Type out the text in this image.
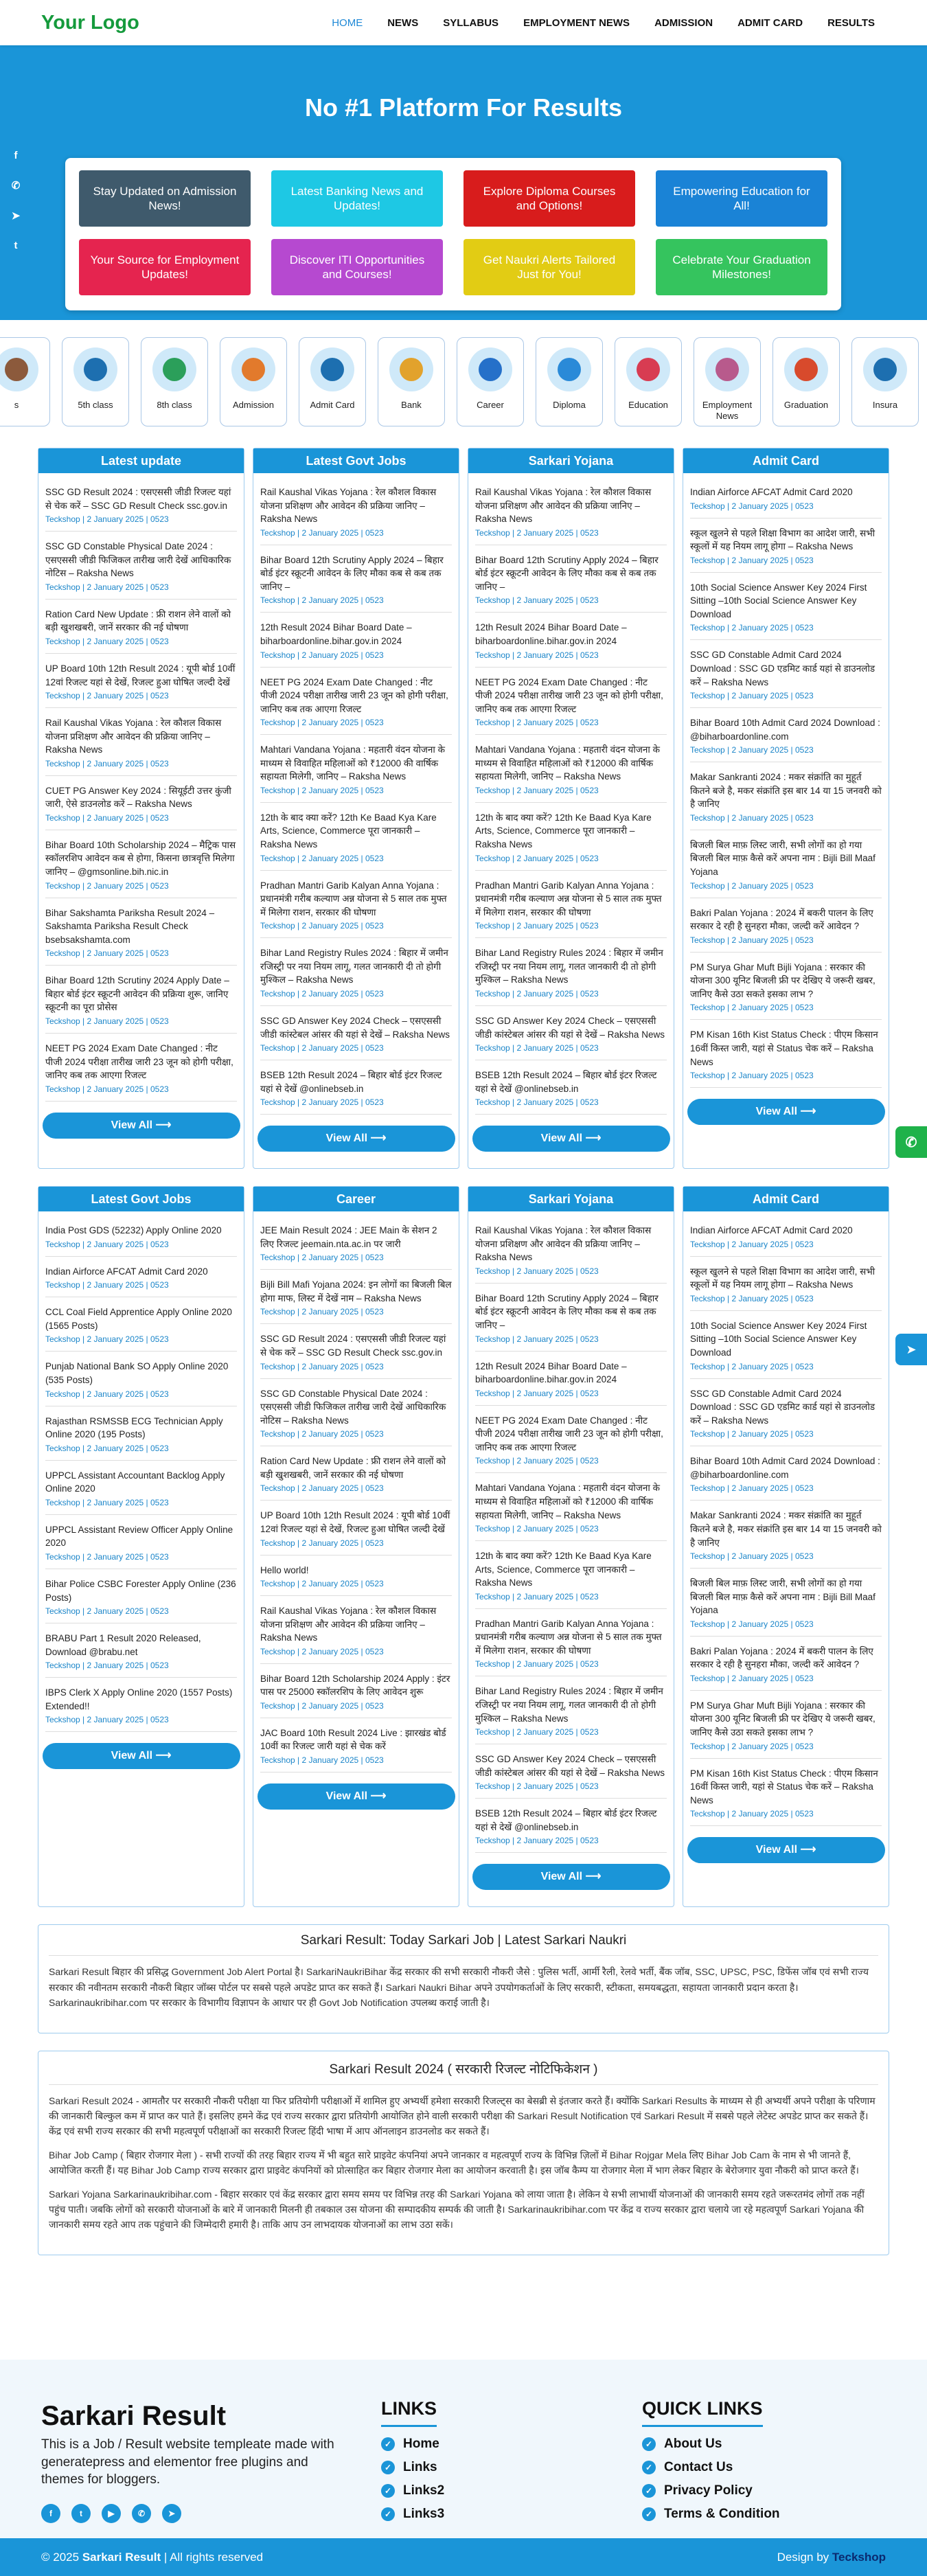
Your Logo	HOME	NEWS	SYLLABUS	EMPLOYMENT NEWS	ADMISSION	ADMIT CARD	RESULTS
No #1 Platform For Results
Stay Updated on Admission News!
Latest Banking News and Updates!
Explore Diploma Courses and Options!
Empowering Education for All!
Your Source for Employment Updates!
Discover ITI Opportunities and Courses!
Get Naukri Alerts Tailored Just for You!
Celebrate Your Graduation Milestones!
f
✆
➤
t
s	5th class	8th class	Admission	Admit Card	Bank	Career	Diploma	Education	Employment News
Graduation	Insura
Latest update
SSC GD Result 2024 : एसएससी जीडी रिजल्ट यहां से चेक करें – SSC GD Result Check ssc.gov.in
Teckshop | 2 January 2025 | 0523
SSC GD Constable Physical Date 2024 : एसएससी जीडी फिजिकल तारीख जारी देखें आधिकारिक नोटिस – Raksha News
Teckshop | 2 January 2025 | 0523
Ration Card New Update : फ्री राशन लेने वालों को बड़ी खुशखबरी, जानें सरकार की नई घोषणा
Teckshop | 2 January 2025 | 0523
UP Board 10th 12th Result 2024 : यूपी बोर्ड 10वीं 12वां रिजल्ट यहां से देखें, रिजल्ट हुआ घोषित जल्दी देखें
Teckshop | 2 January 2025 | 0523
Rail Kaushal Vikas Yojana : रेल कौशल विकास योजना प्रशिक्षण और आवेदन की प्रक्रिया जानिए – Raksha News
Teckshop | 2 January 2025 | 0523
CUET PG Answer Key 2024 : सियूईटी उत्तर कुंजी जारी, ऐसे डाउनलोड करें – Raksha News
Teckshop | 2 January 2025 | 0523
Bihar Board 10th Scholarship 2024 – मैट्रिक पास स्कॉलरशिप आवेदन कब से होगा, किसना छात्रवृत्ति मिलेगा जानिए – @gmsonline.bih.nic.in
Teckshop | 2 January 2025 | 0523
Bihar Sakshamta Pariksha Result 2024 – Sakshamta Pariksha Result Check bsebsakshamta.com
Teckshop | 2 January 2025 | 0523
Bihar Board 12th Scrutiny 2024 Apply Date – बिहार बोर्ड इंटर स्क्रूटनी आवेदन की प्रक्रिया शुरू, जानिए स्क्रूटनी का पूरा प्रोसेस
Teckshop | 2 January 2025 | 0523
NEET PG 2024 Exam Date Changed : नीट पीजी 2024 परीक्षा तारीख जारी 23 जून को होगी परीक्षा, जानिए कब तक आएगा रिजल्ट
Teckshop | 2 January 2025 | 0523
View All ⟶
Latest Govt Jobs
Rail Kaushal Vikas Yojana : रेल कौशल विकास योजना प्रशिक्षण और आवेदन की प्रक्रिया जानिए – Raksha News
Teckshop | 2 January 2025 | 0523
Bihar Board 12th Scrutiny Apply 2024 – बिहार बोर्ड इंटर स्क्रूटनी आवेदन के लिए मौका कब से कब तक जानिए –
Teckshop | 2 January 2025 | 0523
12th Result 2024 Bihar Board Date – biharboardonline.bihar.gov.in 2024
Teckshop | 2 January 2025 | 0523
NEET PG 2024 Exam Date Changed : नीट पीजी 2024 परीक्षा तारीख जारी 23 जून को होगी परीक्षा, जानिए कब तक आएगा रिजल्ट
Teckshop | 2 January 2025 | 0523
Mahtari Vandana Yojana : महतारी वंदन योजना के माध्यम से विवाहित महिलाओं को ₹12000 की वार्षिक सहायता मिलेगी, जानिए – Raksha News
Teckshop | 2 January 2025 | 0523
12th के बाद क्या करें? 12th Ke Baad Kya Kare Arts, Science, Commerce पूरा जानकारी – Raksha News
Teckshop | 2 January 2025 | 0523
Pradhan Mantri Garib Kalyan Anna Yojana : प्रधानमंत्री गरीब कल्याण अन्न योजना से 5 साल तक मुफ्त में मिलेगा राशन, सरकार की घोषणा
Teckshop | 2 January 2025 | 0523
Bihar Land Registry Rules 2024 : बिहार में जमीन रजिस्ट्री पर नया नियम लागू, गलत जानकारी दी तो होगी मुश्किल – Raksha News
Teckshop | 2 January 2025 | 0523
SSC GD Answer Key 2024 Check – एसएससी जीडी कांस्टेबल आंसर की यहां से देखें – Raksha News
Teckshop | 2 January 2025 | 0523
BSEB 12th Result 2024 – बिहार बोर्ड इंटर रिजल्ट यहां से देखें @onlinebseb.in
Teckshop | 2 January 2025 | 0523
View All ⟶
Sarkari Yojana
Rail Kaushal Vikas Yojana : रेल कौशल विकास योजना प्रशिक्षण और आवेदन की प्रक्रिया जानिए – Raksha News
Teckshop | 2 January 2025 | 0523
Bihar Board 12th Scrutiny Apply 2024 – बिहार बोर्ड इंटर स्क्रूटनी आवेदन के लिए मौका कब से कब तक जानिए –
Teckshop | 2 January 2025 | 0523
12th Result 2024 Bihar Board Date – biharboardonline.bihar.gov.in 2024
Teckshop | 2 January 2025 | 0523
NEET PG 2024 Exam Date Changed : नीट पीजी 2024 परीक्षा तारीख जारी 23 जून को होगी परीक्षा, जानिए कब तक आएगा रिजल्ट
Teckshop | 2 January 2025 | 0523
Mahtari Vandana Yojana : महतारी वंदन योजना के माध्यम से विवाहित महिलाओं को ₹12000 की वार्षिक सहायता मिलेगी, जानिए – Raksha News
Teckshop | 2 January 2025 | 0523
12th के बाद क्या करें? 12th Ke Baad Kya Kare Arts, Science, Commerce पूरा जानकारी – Raksha News
Teckshop | 2 January 2025 | 0523
Pradhan Mantri Garib Kalyan Anna Yojana : प्रधानमंत्री गरीब कल्याण अन्न योजना से 5 साल तक मुफ्त में मिलेगा राशन, सरकार की घोषणा
Teckshop | 2 January 2025 | 0523
Bihar Land Registry Rules 2024 : बिहार में जमीन रजिस्ट्री पर नया नियम लागू, गलत जानकारी दी तो होगी मुश्किल – Raksha News
Teckshop | 2 January 2025 | 0523
SSC GD Answer Key 2024 Check – एसएससी जीडी कांस्टेबल आंसर की यहां से देखें – Raksha News
Teckshop | 2 January 2025 | 0523
BSEB 12th Result 2024 – बिहार बोर्ड इंटर रिजल्ट यहां से देखें @onlinebseb.in
Teckshop | 2 January 2025 | 0523
View All ⟶
Admit Card
Indian Airforce AFCAT Admit Card 2020
Teckshop | 2 January 2025 | 0523
स्कूल खुलने से पहले शिक्षा विभाग का आदेश जारी, सभी स्कूलों में यह नियम लागू होगा – Raksha News
Teckshop | 2 January 2025 | 0523
10th Social Science Answer Key 2024 First Sitting –10th Social Science Answer Key Download
Teckshop | 2 January 2025 | 0523
SSC GD Constable Admit Card 2024 Download : SSC GD एडमिट कार्ड यहां से डाउनलोड करें – Raksha News
Teckshop | 2 January 2025 | 0523
Bihar Board 10th Admit Card 2024 Download : @biharboardonline.com
Teckshop | 2 January 2025 | 0523
Makar Sankranti 2024 : मकर संक्रांति का मुहूर्त कितने बजे है, मकर संक्रांति इस बार 14 या 15 जनवरी को है जानिए
Teckshop | 2 January 2025 | 0523
बिजली बिल माफ़ लिस्ट जारी, सभी लोगों का हो गया बिजली बिल माफ़ कैसे करें अपना नाम : Bijli Bill Maaf Yojana
Teckshop | 2 January 2025 | 0523
Bakri Palan Yojana : 2024 में बकरी पालन के लिए सरकार दे रही है सुनहरा मौका, जल्दी करें आवेदन ?
Teckshop | 2 January 2025 | 0523
PM Surya Ghar Muft Bijli Yojana : सरकार की योजना 300 यूनिट बिजली फ्री पर देखिए ये जरूरी खबर, जानिए कैसे उठा सकते इसका लाभ ?
Teckshop | 2 January 2025 | 0523
PM Kisan 16th Kist Status Check : पीएम किसान 16वीं किस्त जारी, यहां से Status चेक करें – Raksha News
Teckshop | 2 January 2025 | 0523
View All ⟶
Latest Govt Jobs
India Post GDS (52232) Apply Online 2020
Teckshop | 2 January 2025 | 0523
Indian Airforce AFCAT Admit Card 2020
Teckshop | 2 January 2025 | 0523
CCL Coal Field Apprentice Apply Online 2020 (1565 Posts)
Teckshop | 2 January 2025 | 0523
Punjab National Bank SO Apply Online 2020 (535 Posts)
Teckshop | 2 January 2025 | 0523
Rajasthan RSMSSB ECG Technician Apply Online 2020 (195 Posts)
Teckshop | 2 January 2025 | 0523
UPPCL Assistant Accountant Backlog Apply Online 2020
Teckshop | 2 January 2025 | 0523
UPPCL Assistant Review Officer Apply Online 2020
Teckshop | 2 January 2025 | 0523
Bihar Police CSBC Forester Apply Online (236 Posts)
Teckshop | 2 January 2025 | 0523
BRABU Part 1 Result 2020 Released, Download @brabu.net
Teckshop | 2 January 2025 | 0523
IBPS Clerk X Apply Online 2020 (1557 Posts) Extended!!
Teckshop | 2 January 2025 | 0523
View All ⟶
Career
JEE Main Result 2024 : JEE Main के सेशन 2 लिए रिजल्ट jeemain.nta.ac.in पर जारी
Teckshop | 2 January 2025 | 0523
Bijli Bill Mafi Yojana 2024: इन लोगों का बिजली बिल होगा माफ, लिस्ट में देखें नाम – Raksha News
Teckshop | 2 January 2025 | 0523
SSC GD Result 2024 : एसएससी जीडी रिजल्ट यहां से चेक करें – SSC GD Result Check ssc.gov.in
Teckshop | 2 January 2025 | 0523
SSC GD Constable Physical Date 2024 : एसएससी जीडी फिजिकल तारीख जारी देखें आधिकारिक नोटिस – Raksha News
Teckshop | 2 January 2025 | 0523
Ration Card New Update : फ्री राशन लेने वालों को बड़ी खुशखबरी, जानें सरकार की नई घोषणा
Teckshop | 2 January 2025 | 0523
UP Board 10th 12th Result 2024 : यूपी बोर्ड 10वीं 12वां रिजल्ट यहां से देखें, रिजल्ट हुआ घोषित जल्दी देखें
Teckshop | 2 January 2025 | 0523
Hello world!
Teckshop | 2 January 2025 | 0523
Rail Kaushal Vikas Yojana : रेल कौशल विकास योजना प्रशिक्षण और आवेदन की प्रक्रिया जानिए – Raksha News
Teckshop | 2 January 2025 | 0523
Bihar Board 12th Scholarship 2024 Apply : इंटर पास पर 25000 स्कॉलरशिप के लिए आवेदन शुरू
Teckshop | 2 January 2025 | 0523
JAC Board 10th Result 2024 Live : झारखंड बोर्ड 10वीं का रिजल्ट जारी यहां से चेक करें
Teckshop | 2 January 2025 | 0523
View All ⟶
Sarkari Yojana
Rail Kaushal Vikas Yojana : रेल कौशल विकास योजना प्रशिक्षण और आवेदन की प्रक्रिया जानिए – Raksha News
Teckshop | 2 January 2025 | 0523
Bihar Board 12th Scrutiny Apply 2024 – बिहार बोर्ड इंटर स्क्रूटनी आवेदन के लिए मौका कब से कब तक जानिए –
Teckshop | 2 January 2025 | 0523
12th Result 2024 Bihar Board Date – biharboardonline.bihar.gov.in 2024
Teckshop | 2 January 2025 | 0523
NEET PG 2024 Exam Date Changed : नीट पीजी 2024 परीक्षा तारीख जारी 23 जून को होगी परीक्षा, जानिए कब तक आएगा रिजल्ट
Teckshop | 2 January 2025 | 0523
Mahtari Vandana Yojana : महतारी वंदन योजना के माध्यम से विवाहित महिलाओं को ₹12000 की वार्षिक सहायता मिलेगी, जानिए – Raksha News
Teckshop | 2 January 2025 | 0523
12th के बाद क्या करें? 12th Ke Baad Kya Kare Arts, Science, Commerce पूरा जानकारी – Raksha News
Teckshop | 2 January 2025 | 0523
Pradhan Mantri Garib Kalyan Anna Yojana : प्रधानमंत्री गरीब कल्याण अन्न योजना से 5 साल तक मुफ्त में मिलेगा राशन, सरकार की घोषणा
Teckshop | 2 January 2025 | 0523
Bihar Land Registry Rules 2024 : बिहार में जमीन रजिस्ट्री पर नया नियम लागू, गलत जानकारी दी तो होगी मुश्किल – Raksha News
Teckshop | 2 January 2025 | 0523
SSC GD Answer Key 2024 Check – एसएससी जीडी कांस्टेबल आंसर की यहां से देखें – Raksha News
Teckshop | 2 January 2025 | 0523
BSEB 12th Result 2024 – बिहार बोर्ड इंटर रिजल्ट यहां से देखें @onlinebseb.in
Teckshop | 2 January 2025 | 0523
View All ⟶
Admit Card
Indian Airforce AFCAT Admit Card 2020
Teckshop | 2 January 2025 | 0523
स्कूल खुलने से पहले शिक्षा विभाग का आदेश जारी, सभी स्कूलों में यह नियम लागू होगा – Raksha News
Teckshop | 2 January 2025 | 0523
10th Social Science Answer Key 2024 First Sitting –10th Social Science Answer Key Download
Teckshop | 2 January 2025 | 0523
SSC GD Constable Admit Card 2024 Download : SSC GD एडमिट कार्ड यहां से डाउनलोड करें – Raksha News
Teckshop | 2 January 2025 | 0523
Bihar Board 10th Admit Card 2024 Download : @biharboardonline.com
Teckshop | 2 January 2025 | 0523
Makar Sankranti 2024 : मकर संक्रांति का मुहूर्त कितने बजे है, मकर संक्रांति इस बार 14 या 15 जनवरी को है जानिए
Teckshop | 2 January 2025 | 0523
बिजली बिल माफ़ लिस्ट जारी, सभी लोगों का हो गया बिजली बिल माफ़ कैसे करें अपना नाम : Bijli Bill Maaf Yojana
Teckshop | 2 January 2025 | 0523
Bakri Palan Yojana : 2024 में बकरी पालन के लिए सरकार दे रही है सुनहरा मौका, जल्दी करें आवेदन ?
Teckshop | 2 January 2025 | 0523
PM Surya Ghar Muft Bijli Yojana : सरकार की योजना 300 यूनिट बिजली फ्री पर देखिए ये जरूरी खबर, जानिए कैसे उठा सकते इसका लाभ ?
Teckshop | 2 January 2025 | 0523
PM Kisan 16th Kist Status Check : पीएम किसान 16वीं किस्त जारी, यहां से Status चेक करें – Raksha News
Teckshop | 2 January 2025 | 0523
View All ⟶
Sarkari Result: Today Sarkari Job | Latest Sarkari Naukri

Sarkari Result बिहार की प्रसिद्ध Government Job Alert Portal है। SarkariNaukriBihar केंद्र सरकार की सभी सरकारी नौकरी जैसे : पुलिस भर्ती, आर्मी रैली, रेलवे भर्ती, बैंक जॉब, SSC, UPSC, PSC, डिफेंस जॉब एवं सभी राज्य सरकार की नवीनतम सरकारी नौकरी बिहार जॉब्स पोर्टल पर सबसे पहले अपडेट प्राप्त कर सकते हैं। Sarkari Naukri Bihar अपने उपयोगकर्ताओं के लिए सरकारी, स्टीकता, समयबद्धता, सहायता जानकारी प्रदान करता है। Sarkarinaukribihar.com पर सरकार के विभागीय विज्ञापन के आधार पर ही Govt Job Notification उपलब्ध कराई जाती है।

Sarkari Result 2024 ( सरकारी रिजल्ट नोटिफिकेशन )

Sarkari Result 2024 - आमतौर पर सरकारी नौकरी परीक्षा या फिर प्रतियोगी परीक्षाओं में शामिल हुए अभ्यर्थी हमेशा सरकारी रिजल्ट्स का बेसब्री से इंतजार करते हैं। क्योंकि Sarkari Results के माध्यम से ही अभ्यर्थी अपने परीक्षा के परिणाम की जानकारी बिल्कुल कम में प्राप्त कर पाते हैं। इसलिए हमने केंद्र एवं राज्य सरकार द्वारा प्रतियोगी आयोजित होने वाली सरकारी परीक्षा की Sarkari Result Notification एवं Sarkari Result में सबसे पहले लेटेस्ट अपडेट प्राप्त कर सकते हैं। केंद्र एवं सभी राज्य सरकार की सभी महत्वपूर्ण परीक्षाओं का सरकारी रिजल्ट हिंदी भाषा में आप ऑनलाइन डाउनलोड कर सकते हैं।

Bihar Job Camp ( बिहार रोजगार मेला ) - सभी राज्यों की तरह बिहार राज्य में भी बहुत सारे प्राइवेट कंपनियां अपने जानकार व महत्वपूर्ण राज्य के विभिन्न ज़िलों में Bihar Rojgar Mela लिए Bihar Job Cam के नाम से भी जानते हैं, आयोजित करती हैं। यह Bihar Job Camp राज्य सरकार द्वारा प्राइवेट कंपनियों को प्रोत्साहित कर बिहार रोजगार मेला का आयोजन करवाती है। इस जॉब कैम्प या रोजगार मेला में भाग लेकर बिहार के बेरोजगार युवा नौकरी को प्राप्त करते हैं।

Sarkari Yojana Sarkarinaukribihar.com - बिहार सरकार एवं केंद्र सरकार द्वारा समय समय पर विभिन्न तरह की Sarkari Yojana को लाया जाता है। लेकिन ये सभी लाभार्थी योजनाओं की जानकारी समय रहते जरूरतमंद लोगों तक नहीं पहुंच पाती। जबकि लोगों को सरकारी योजनाओं के बारे में जानकारी मिलनी ही तबकाल उस योजना की सम्पादकीय सम्पर्क की जाती है। Sarkarinaukribihar.com पर केंद्र व राज्य सरकार द्वारा चलाये जा रहे महत्वपूर्ण Sarkari Yojana की जानकारी समय रहते आप तक पहुंचाने की जिम्मेदारी हमारी है। ताकि आप उन लाभदायक योजनाओं का लाभ उठा सकें।

✆
➤
Sarkari Result

This is a Job / Result website templeate made with generatepress and elementor free plugins and themes for bloggers.

f	t	▶	✆	➤
LINKS
✓ Home
✓ Links
✓ Links2
✓ Links3
QUICK LINKS
✓ About Us
✓ Contact Us
✓ Privacy Policy
✓ Terms & Condition
© 2025 Sarkari Result | All rights reserved	Design by Teckshop
